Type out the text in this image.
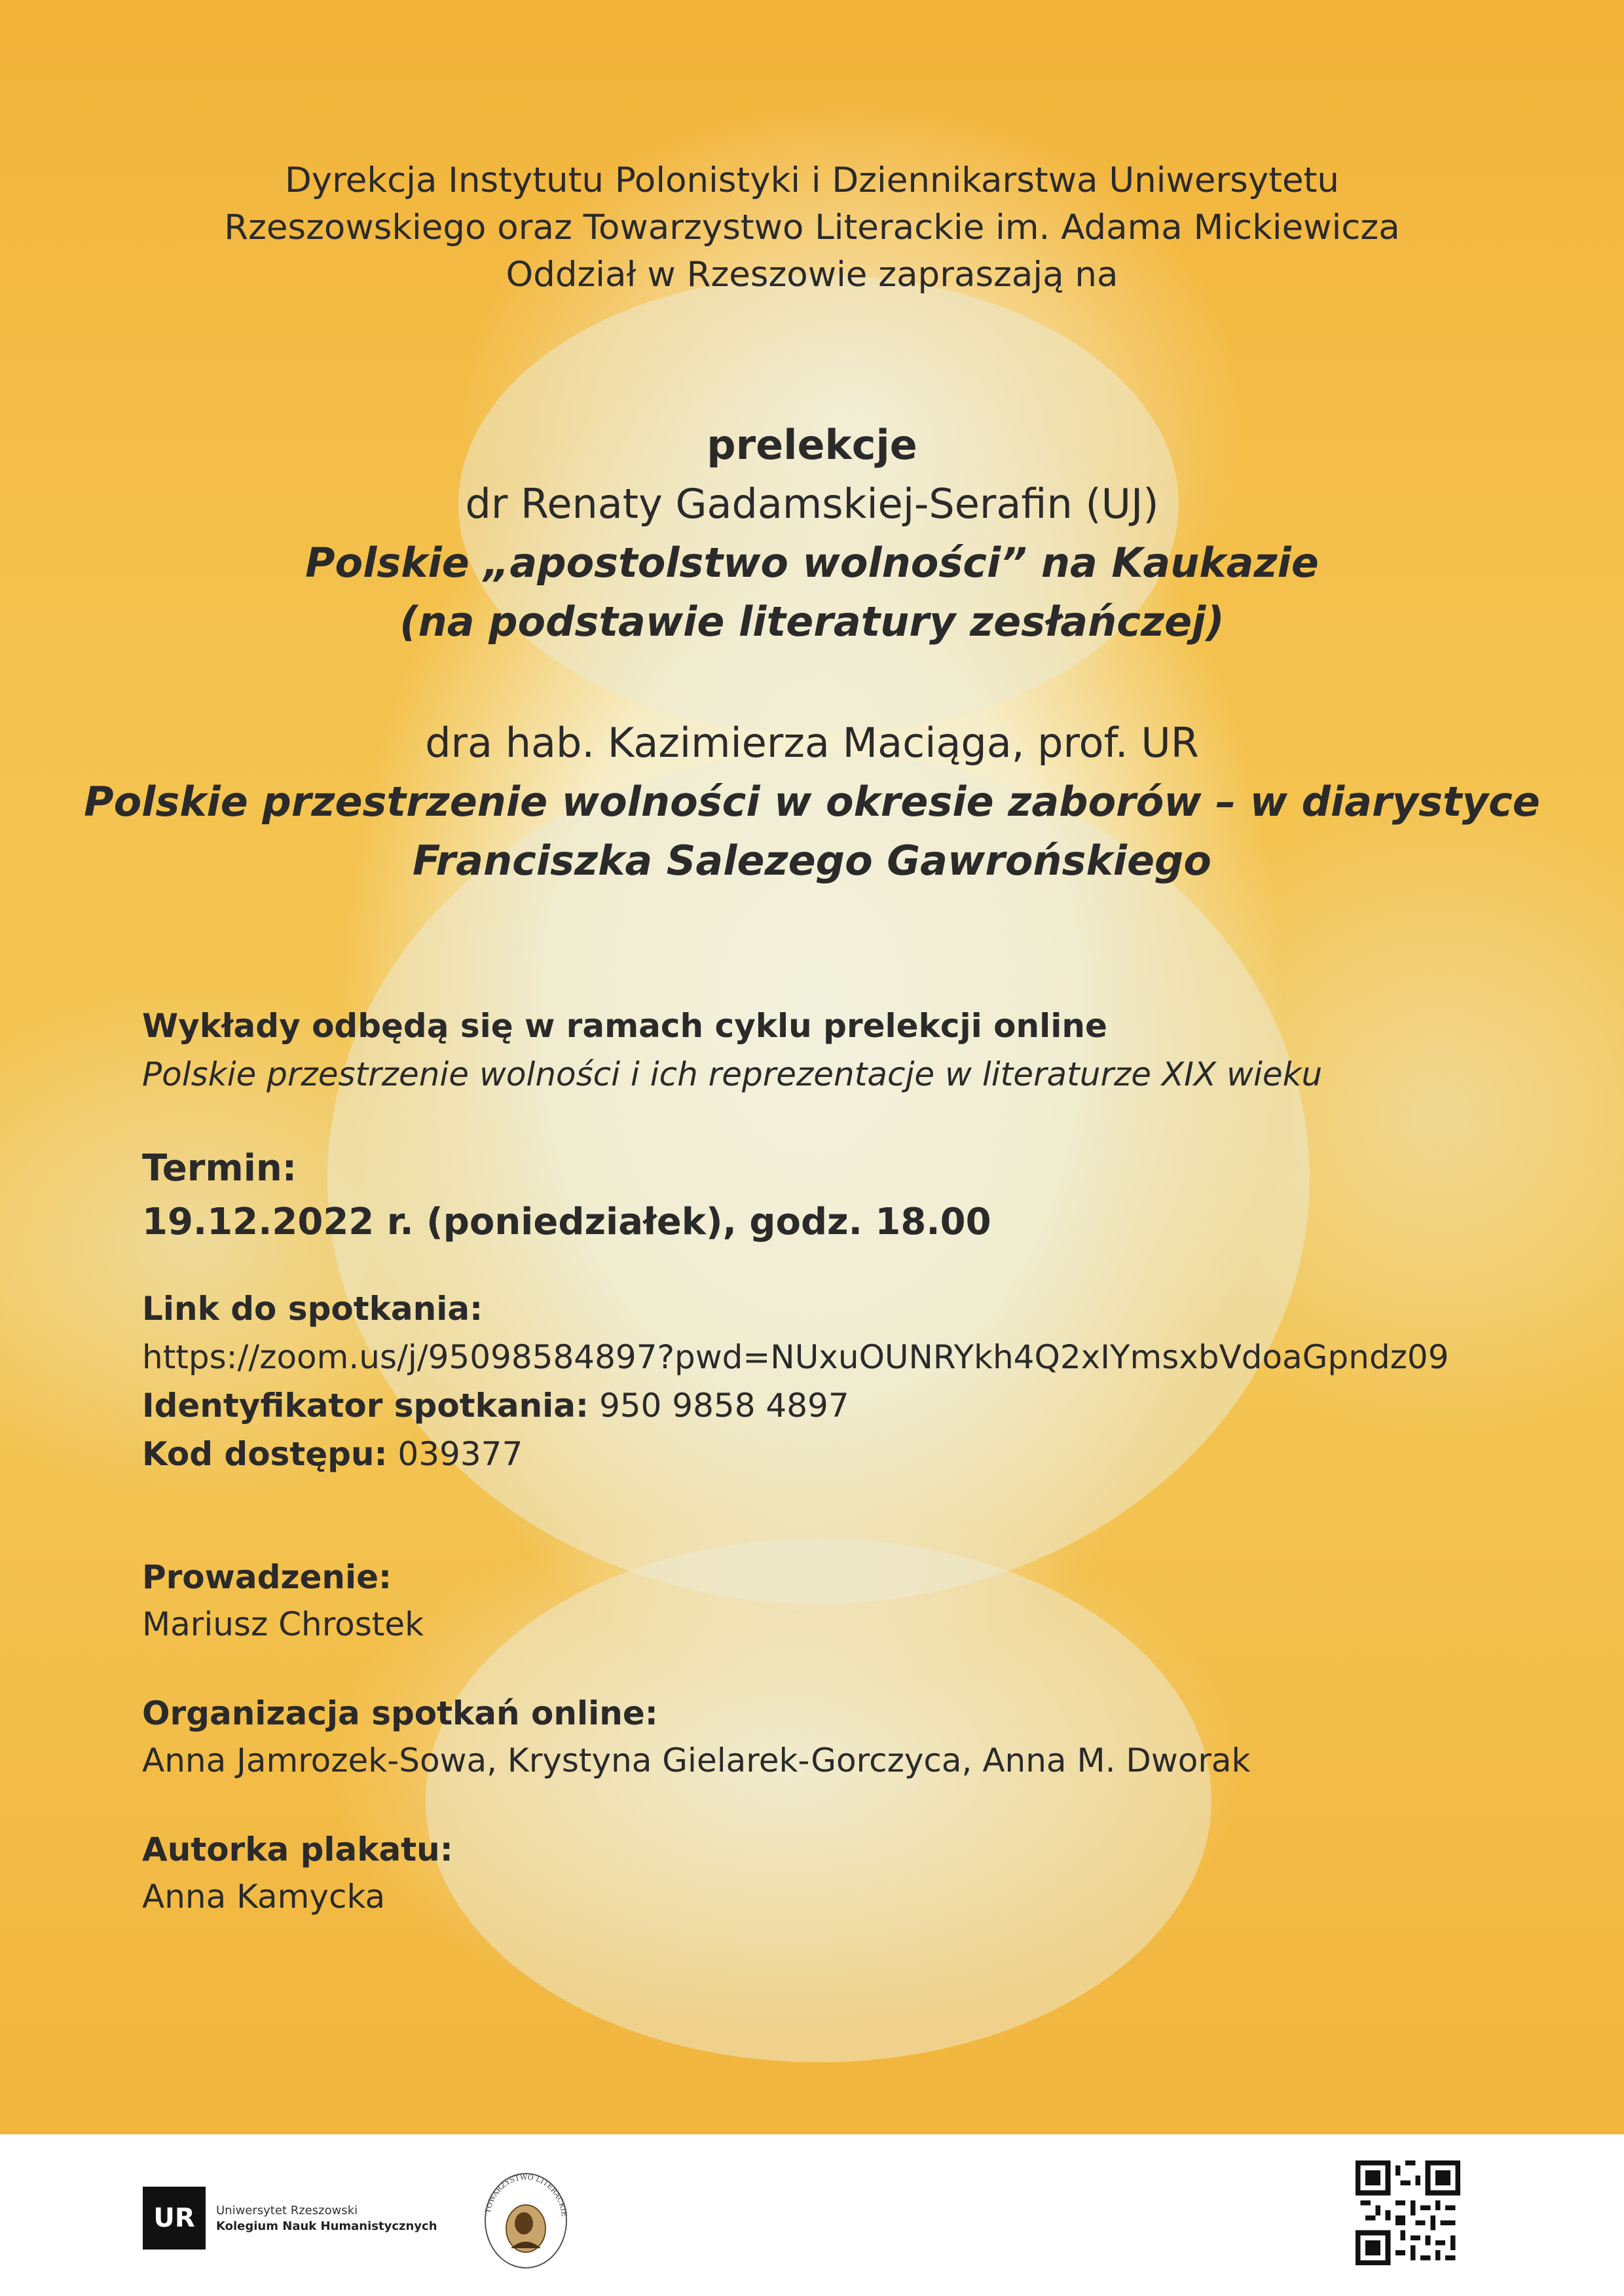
Dyrekcja Instytutu Polonistyki i Dziennikarstwa Uniwersytetu
Rzeszowskiego oraz Towarzystwo Literackie im. Adama Mickiewicza
Oddział w Rzeszowie zapraszają na
prelekcje
dr Renaty Gadamskiej-Serafin (UJ)
Polskie „apostolstwo wolności” na Kaukazie
(na podstawie literatury zesłańczej)
dra hab. Kazimierza Maciąga, prof. UR
Polskie przestrzenie wolności w okresie zaborów – w diarystyce
Franciszka Salezego Gawrońskiego
Wykłady odbędą się w ramach cyklu prelekcji online
Polskie przestrzenie wolności i ich reprezentacje w literaturze XIX wieku
Termin:
19.12.2022 r. (poniedziałek), godz. 18.00
Link do spotkania:
https://zoom.us/j/95098584897?pwd=NUxuOUNRYkh4Q2xIYmsxbVdoaGpndz09
Identyfikator spotkania: 950 9858 4897
Kod dostępu: 039377
Prowadzenie:
Mariusz Chrostek
Organizacja spotkań online:
Anna Jamrozek-Sowa, Krystyna Gielarek-Gorczyca, Anna M. Dworak
Autorka plakatu:
Anna Kamycka
UR Uniwersytet Rzeszowski
Kolegium Nauk Humanistycznych
TOWARZYSTWO LITERACKIE
